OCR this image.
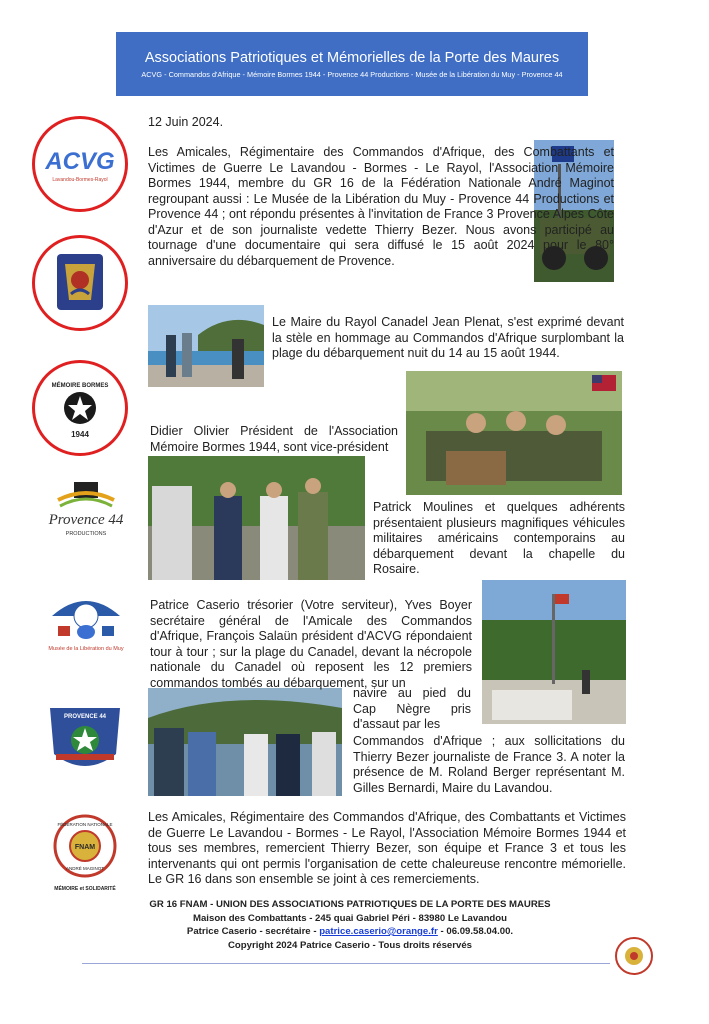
Associations Patriotiques et Mémorielles de la Porte des Maures
ACVG - Commandos d'Afrique - Mémoire Bormes 1944 - Provence 44 Productions - Musée de la Libération du Muy - Provence 44
ACVG
Lavandou-Bormes-Rayol
MÉMOIRE BORMES
1944
Provence 44
PRODUCTIONS
Musée de la Libération du Muy
PROVENCE 44
FÉDÉRATION NATIONALE
FNAM
ANDRÉ MAGINOT
MÉMOIRE et SOLIDARITÉ
12 Juin 2024.
Les Amicales, Régimentaire des Commandos d'Afrique, des Combattants et Victimes de Guerre Le Lavandou - Bormes - Le Rayol, l'Association Mémoire Bormes 1944, membre du GR 16 de la Fédération Nationale André Maginot regroupant aussi : Le Musée de la Libération du Muy - Provence 44 Productions et Provence 44 ; ont répondu présentes à l'invitation de France 3 Provence Alpes Côte d'Azur et de son journaliste vedette Thierry Bezer. Nous avons participé au tournage d'une documentaire qui sera diffusé le 15 août 2024 pour le 80° anniversaire du débarquement de Provence.
Le Maire du Rayol Canadel Jean Plenat, s'est exprimé devant la stèle en hommage au Commandos d'Afrique surplombant la plage du débarquement nuit du 14 au 15 août 1944.
Didier Olivier Président de l'Association Mémoire Bormes 1944, sont vice-président
Patrick Moulines et quelques adhérents présentaient plusieurs magnifiques véhicules militaires américains contemporains au débarquement devant la chapelle du Rosaire.
Patrice Caserio trésorier (Votre serviteur), Yves Boyer secrétaire général de l'Amicale des Commandos d'Afrique, François Salaün président d'ACVG répondaient tour à tour ; sur la plage du Canadel, devant la nécropole nationale du Canadel où reposent les 12 premiers commandos tombés au débarquement, sur un
navire au pied du Cap Nègre pris d'assaut par les
Commandos d'Afrique ; aux sollicitations du Thierry Bezer journaliste de France 3. A noter la présence de M. Roland Berger représentant M. Gilles Bernardi, Maire du Lavandou.
Les Amicales, Régimentaire des Commandos d'Afrique, des Combattants et Victimes de Guerre Le Lavandou - Bormes - Le Rayol, l'Association Mémoire Bormes 1944 et tous ses membres, remercient Thierry Bezer, son équipe et France 3 et tous les intervenants qui ont permis l'organisation de cette chaleureuse rencontre mémorielle. Le GR 16 dans son ensemble se joint à ces remerciements.
GR 16 FNAM - UNION DES ASSOCIATIONS PATRIOTIQUES DE LA PORTE DES MAURES
Maison des Combattants - 245 quai Gabriel Péri - 83980 Le Lavandou
Patrice Caserio - secrétaire - patrice.caserio@orange.fr - 06.09.58.04.00.
Copyright 2024 Patrice Caserio - Tous droits réservés
